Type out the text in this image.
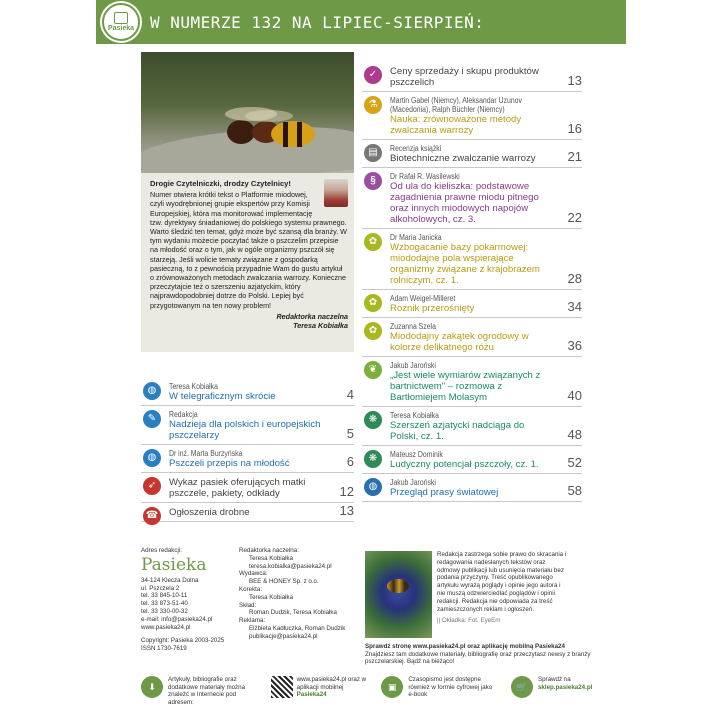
Pasieka W NUMERZE 132 NA LIPIEC-SIERPIEŃ:
Drogie Czytelniczki, drodzy Czytelnicy!
Numer otwiera krótki tekst o Platformie miodowej, czyli wyodrębnionej grupie ekspertów przy Komisji Europejskiej, która ma monitorować implementację tzw. dyrektywy śniadaniowej do polskiego systemu prawnego. Warto śledzić ten temat, gdyż może być szansą dla branży. W tym wydaniu możecie poczytać także o pszczelim przepisie na młodość oraz o tym, jak w ogóle organizmy pszczół się starzeją. Jeśli wolicie tematy związane z gospodarką pasieczną, to z pewnością przypadnie Wam do gustu artykuł o zrównoważonych metodach zwalczania warrozy. Konieczne przeczytajcie też o szerszeniu azjatyckim, który najprawdopodobniej dotrze do Polski. Lepiej być przygotowanym na ten nowy problem!
Redaktorka naczelna
Teresa Kobiałka
✓	Ceny sprzedaży i skupu produktów pszczelich	13
⚗	Martin Gabel (Niemcy), Aleksandar Uzunov (Macedonia), Ralph Büchler (Niemcy)
Nauka: zrównoważone metody zwalczania warrozy	16
▤	Recenzja książki
Biotechniczne zwalczanie warrozy	21
§	Dr Rafał R. Wasilewski
Od ula do kieliszka: podstawowe zagadnienia prawne miodu pitnego oraz innych miodowych napojów alkoholowych, cz. 3.	22
✿	Dr Maria Janicka
Wzbogacanie bazy pokarmowej: miododajne pola wspierające organizmy związane z krajobrazem rolniczym, cz. 1.	28
✿	Adam Weigel-Milleret
Roznik przerośnięty	34
✿	Zuzanna Szela
Miododajny zakątek ogrodowy w kolorze delikatnego różu	36
❦	Jakub Jaroński
„Jest wiele wymiarów związanych z bartnictwem" – rozmowa z Bartłomiejem Molasym	40
❋	Teresa Kobiałka
Szerszeń azjatycki nadciąga do Polski, cz. 1.	48
❋	Mateusz Dominik
Ludyczny potencjał pszczoły, cz. 1.	52
◍	Jakub Jaroński
Przegląd prasy światowej	58
◍	Teresa Kobiałka
W telegraficznym skrócie	4
✎	Redakcja
Nadzieja dla polskich i europejskich pszczelarzy	5
◍	Dr inż. Marta Burzyńska
Pszczeli przepis na młodość	6
➶	Wykaz pasiek oferujących matki pszczele, pakiety, odkłady	12
☎ Ogłoszenia drobne	13
Adres redakcji:
Pasieka
34-124 Klecza Dolna
ul. Pszczela 2
tel. 33 845-10-11
tel. 33 873-51-40
tel. 33 330-00-32
e-mail: info@pasieka24.pl
www.pasieka24.pl
Copyright: Pasieka 2003-2025
ISSN 1730-7619
Redaktorka naczelna:
Teresa Kobiałka
teresa.kobialka@pasieka24.pl
Wydawca:
BEE & HONEY Sp. z o.o.
Korekta:
Teresa Kobiałka
Skład:
Roman Dudzik, Teresa Kobiałka
Reklama:
Elżbieta Kadłuczka, Roman Dudzik
publikacje@pasieka24.pl
Redakcja zastrzega sobie prawo do skracania i redagowania nadesłanych tekstów oraz odmowy publikacji lub usunięcia materiału bez podania przyczyny. Treść opublikowanego artykułu wyrażą poglądy i opinie jego autora i nie muszą odzwierciedlać poglądów i opinii redakcji. Redakcja nie odpowiada za treść zamieszczonych reklam i ogłoszeń.
|| Okładka: Fot. EyeEm
Sprawdź stronę www.pasieka24.pl oraz aplikację mobilną Pasieka24
Znajdziesz tam dodatkowe materiały, bibliografię oraz przeczytasz newsy z branży pszczelarskiej. Bądź na bieżąco!
⬇
Artykuły, bibliografie oraz dodatkowe materiały można znaleźć w Internecie pod adresem:
www.pasieka24.pl oraz w aplikacji mobilnej Pasieka24
▣
Czasopismo jest dostępne również w formie cyfrowej jako e-book
🛒
Sprawdź na sklep.pasieka24.pl
